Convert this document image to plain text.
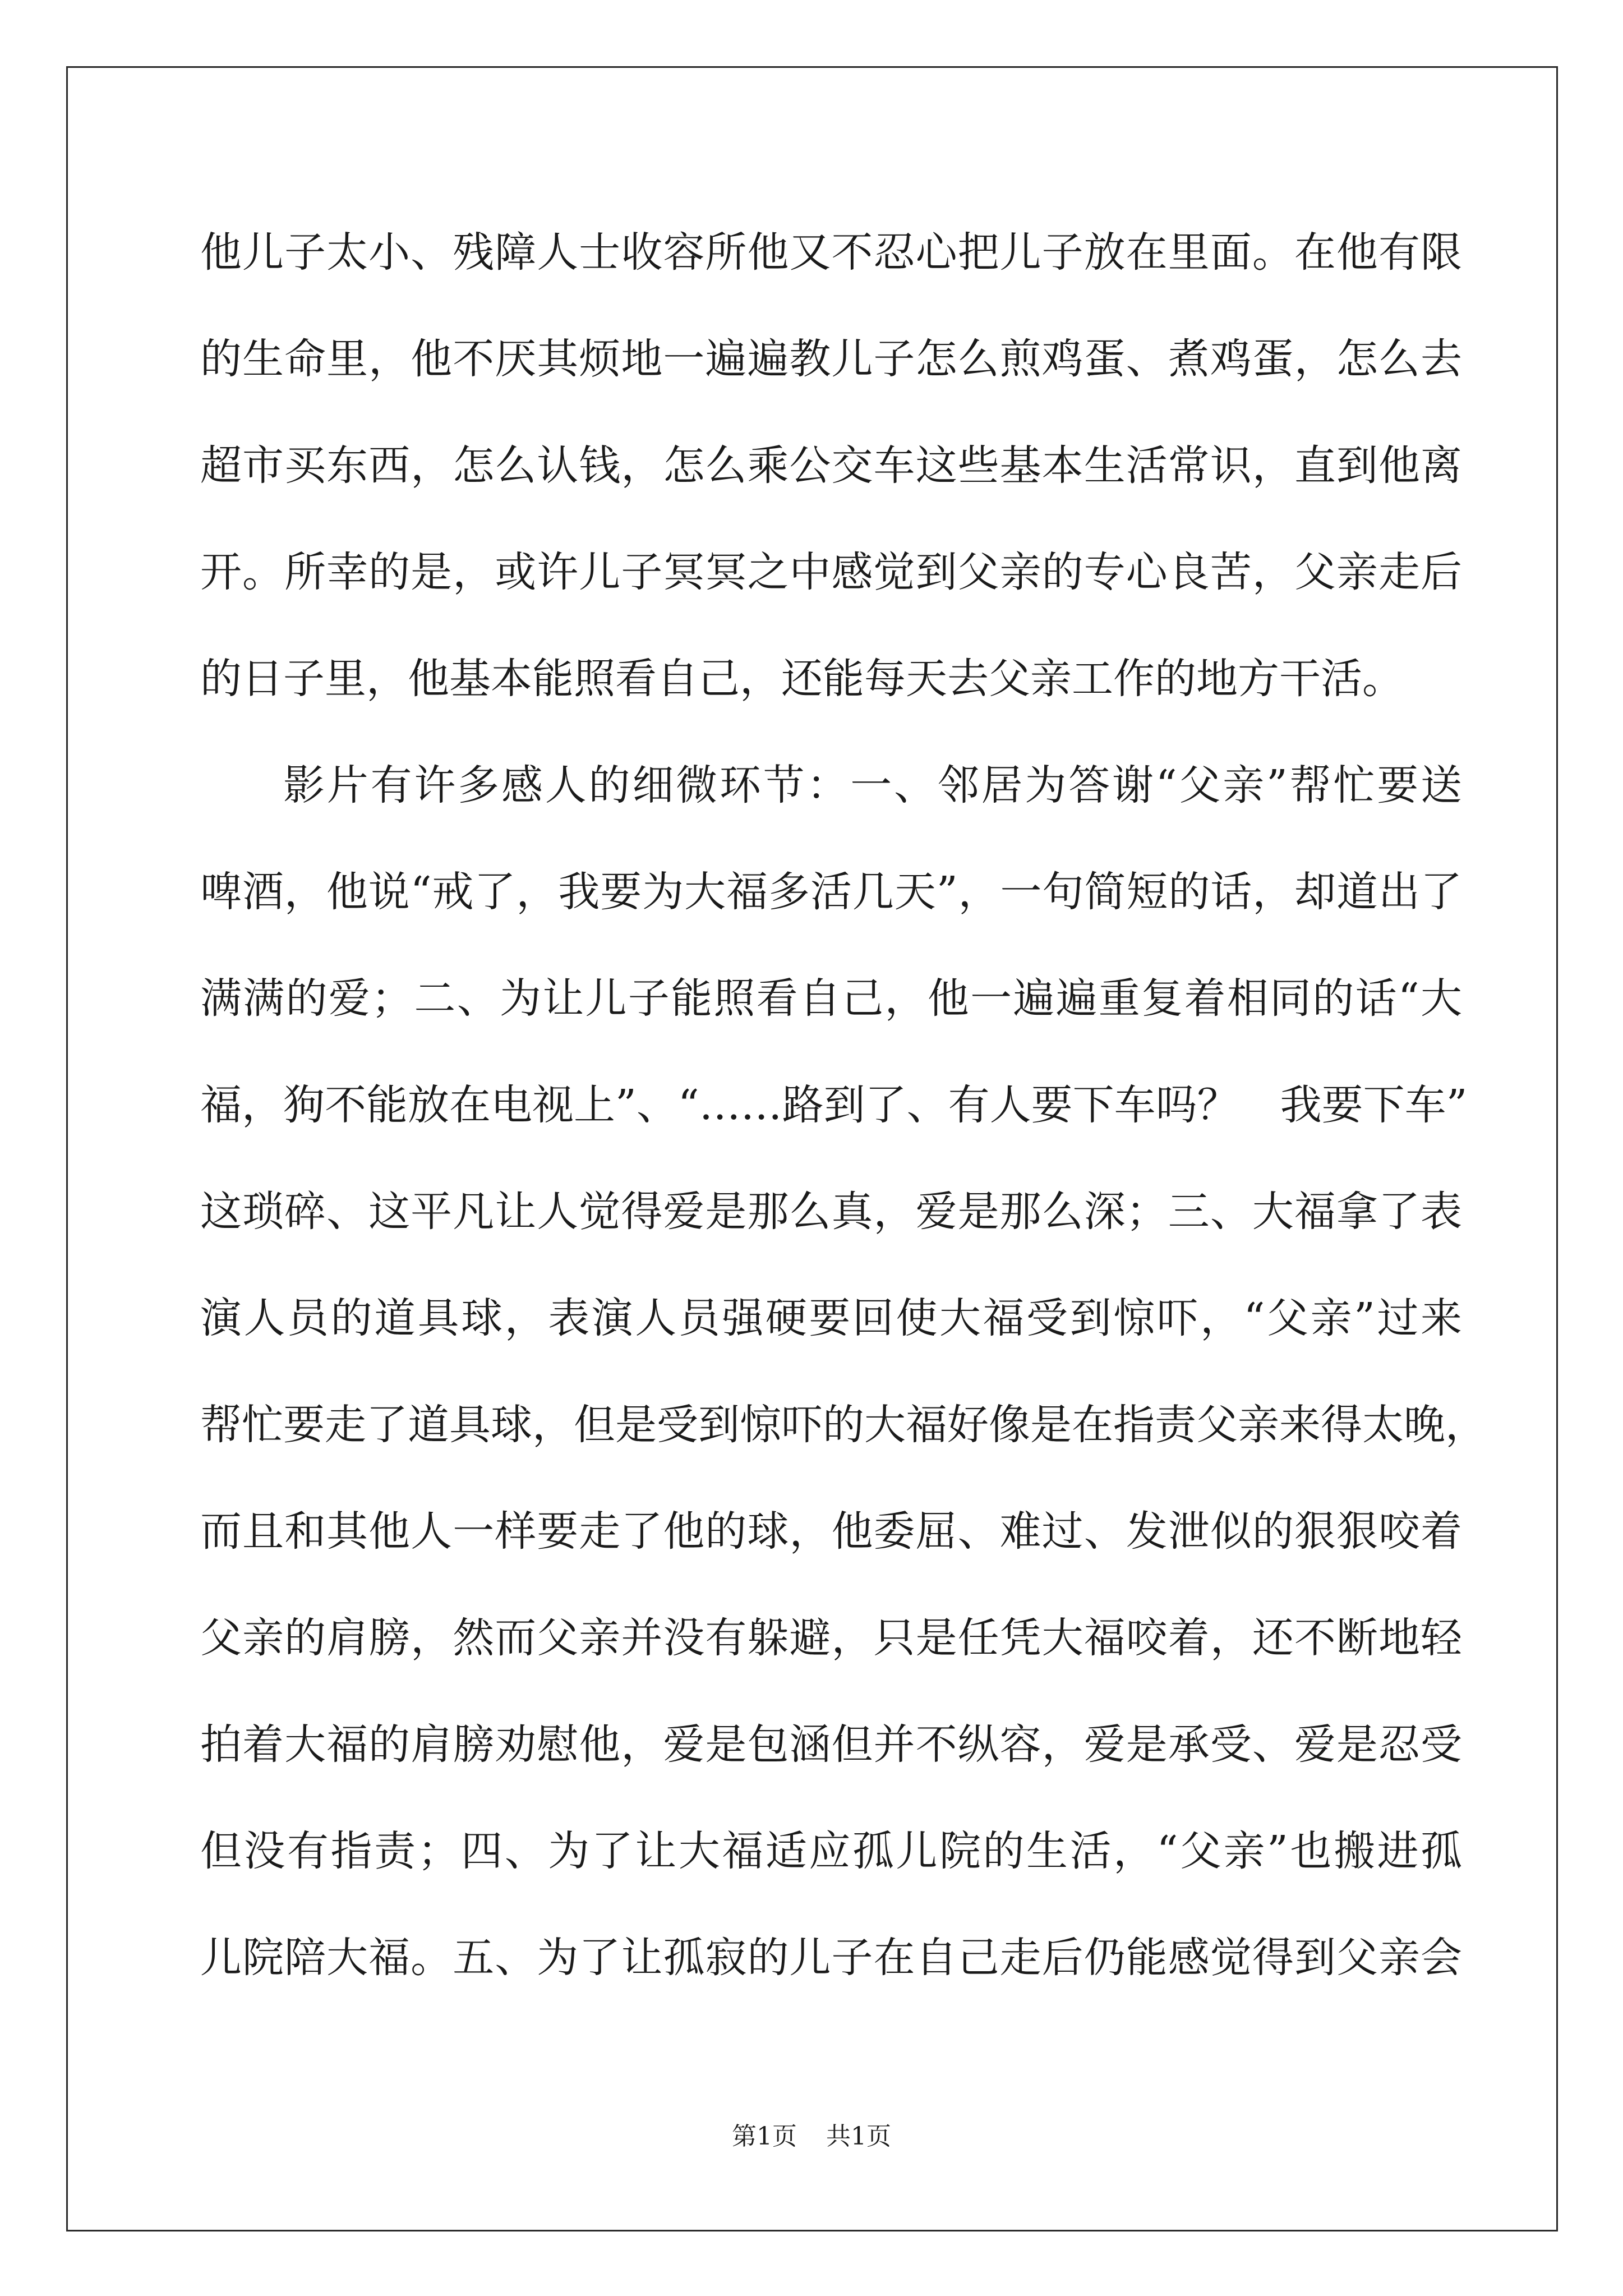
他儿子太小、残障人士收容所他又不忍心把儿子放在里面。在他有限
的生命里，他不厌其烦地一遍遍教儿子怎么煎鸡蛋、煮鸡蛋，怎么去
超市买东西，怎么认钱，怎么乘公交车这些基本生活常识，直到他离
开。所幸的是，或许儿子冥冥之中感觉到父亲的专心良苦，父亲走后
的日子里，他基本能照看自己，还能每天去父亲工作的地方干活。
影片有许多感人的细微环节：一、邻居为答谢“父亲”帮忙要送
啤酒，他说“戒了，我要为大福多活几天”，一句简短的话，却道出了
满满的爱；二、为让儿子能照看自己，他一遍遍重复着相同的话“大
福，狗不能放在电视上”、“……路到了、有人要下车吗？　我要下车”
这琐碎、这平凡让人觉得爱是那么真，爱是那么深；三、大福拿了表
演人员的道具球，表演人员强硬要回使大福受到惊吓，“父亲”过来
帮忙要走了道具球，但是受到惊吓的大福好像是在指责父亲来得太晚，
而且和其他人一样要走了他的球，他委屈、难过、发泄似的狠狠咬着
父亲的肩膀，然而父亲并没有躲避，只是任凭大福咬着，还不断地轻
拍着大福的肩膀劝慰他，爱是包涵但并不纵容，爱是承受、爱是忍受
但没有指责；四、为了让大福适应孤儿院的生活，“父亲”也搬进孤
儿院陪大福。五、为了让孤寂的儿子在自己走后仍能感觉得到父亲会
第1页 共1页
